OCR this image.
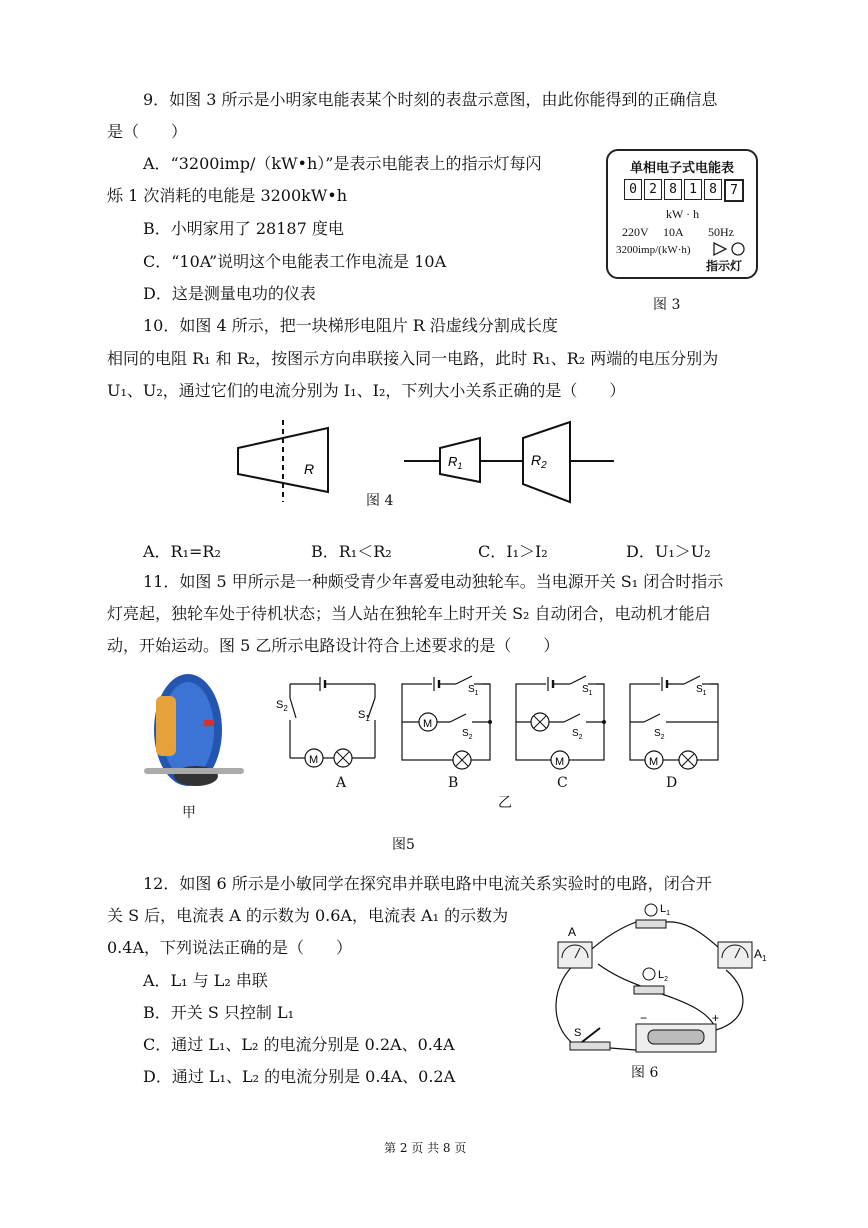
9．如图 3 所示是小明家电能表某个时刻的表盘示意图，由此你能得到的正确信息
是（　　）
A．“3200imp/（kW•h）”是表示电能表上的指示灯每闪
烁 1 次消耗的电能是 3200kW•h
B．小明家用了 28187 度电
C．“10A”说明这个电能表工作电流是 10A
D．这是测量电功的仪表
单相电子式电能表
0 2 8 1 8	7
kW · h
220V 10A 50Hz
3200imp/(kW·h)
指示灯
图 3
10．如图 4 所示，把一块梯形电阻片 R 沿虚线分割成长度
相同的电阻 R₁ 和 R₂，按图示方向串联接入同一电路，此时 R₁、R₂ 两端的电压分别为
U₁、U₂，通过它们的电流分别为 I₁、I₂，下列大小关系正确的是（　　）
R	$R_1$	$R_2$
图 4
A．R₁=R₂	B．R₁＜R₂	C．I₁＞I₂	D．U₁＞U₂
11．如图 5 甲所示是一种颇受青少年喜爱电动独轮车。当电源开关 S₁ 闭合时指示
灯亮起，独轮车处于待机状态；当人站在独轮车上时开关 S₂ 自动闭合，电动机才能启
动，开始运动。图 5 乙所示电路设计符合上述要求的是（　　）
甲
M
$S_2$
$S_1$
$S_1$
M
$S_2$
$S_1$
$S_2$
M
$S_1$
$S_2$
M
A	B	C	D
乙
图5
12．如图 6 所示是小敏同学在探究串并联电路中电流关系实验时的电路，闭合开
关 S 后，电流表 A 的示数为 0.6A，电流表 A₁ 的示数为
0.4A，下列说法正确的是（　　）
A．L₁ 与 L₂ 串联
B．开关 S 只控制 L₁
C．通过 L₁、L₂ 的电流分别是 0.2A、0.4A
D．通过 L₁、L₂ 的电流分别是 0.4A、0.2A
A
$A_1$
$L_1$
$L_2$
S
−	+
图 6
第 2 页 共 8 页
